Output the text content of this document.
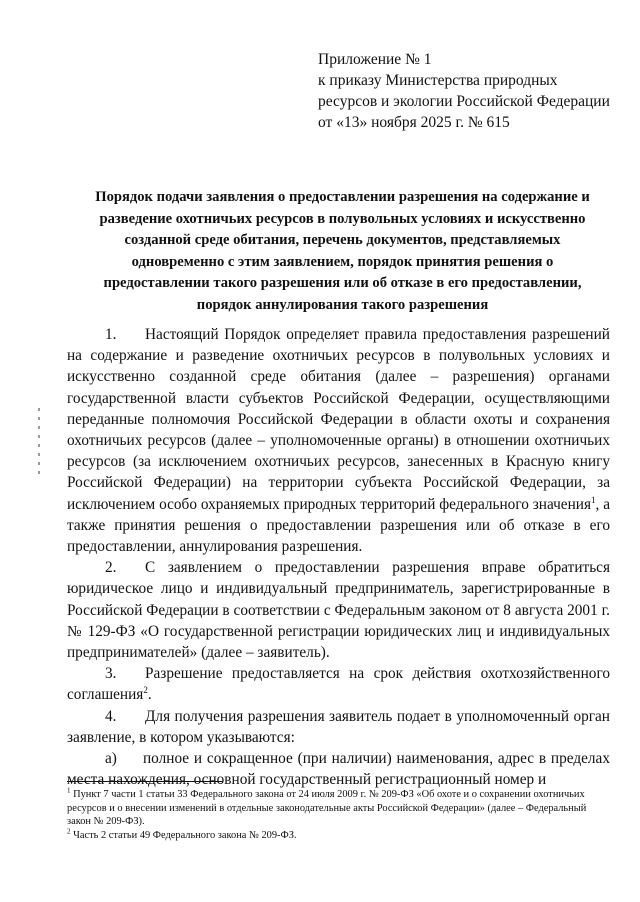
Приложение № 1
к приказу Министерства природных
ресурсов и экологии Российской Федерации
от «13» ноября 2025 г. № 615
Порядок подачи заявления о предоставлении разрешения на содержание и
разведение охотничьих ресурсов в полувольных условиях и искусственно
созданной среде обитания, перечень документов, представляемых
одновременно с этим заявлением, порядок принятия решения о
предоставлении такого разрешения или об отказе в его предоставлении,
порядок аннулирования такого разрешения

1. Настоящий Порядок определяет правила предоставления разрешений на содержание и разведение охотничьих ресурсов в полувольных условиях и искусственно созданной среде обитания (далее – разрешения) органами государственной власти субъектов Российской Федерации, осуществляющими переданные полномочия Российской Федерации в области охоты и сохранения охотничьих ресурсов (далее – уполномоченные органы) в отношении охотничьих ресурсов (за исключением охотничьих ресурсов, занесенных в Красную книгу Российской Федерации) на территории субъекта Российской Федерации, за исключением особо охраняемых природных территорий федерального значения$^1$, а также принятия решения о предоставлении разрешения или об отказе в его предоставлении, аннулирования разрешения.

2. С заявлением о предоставлении разрешения вправе обратиться юридическое лицо и индивидуальный предприниматель, зарегистрированные в Российской Федерации в соответствии с Федеральным законом от 8 августа 2001 г. № 129-ФЗ «О государственной регистрации юридических лиц и индивидуальных предпринимателей» (далее – заявитель).

3. Разрешение предоставляется на срок действия охотхозяйственного соглашения$^2$.

4. Для получения разрешения заявитель подает в уполномоченный орган заявление, в котором указываются:

а) полное и сокращенное (при наличии) наименования, адрес в пределах места нахождения, основной государственный регистрационный номер и

$^1$ Пункт 7 части 1 статьи 33 Федерального закона от 24 июля 2009 г. № 209-ФЗ «Об охоте и о сохранении охотничьих ресурсов и о внесении изменений в отдельные законодательные акты Российской Федерации» (далее – Федеральный закон № 209-ФЗ).

$^2$ Часть 2 статьи 49 Федерального закона № 209-ФЗ.
